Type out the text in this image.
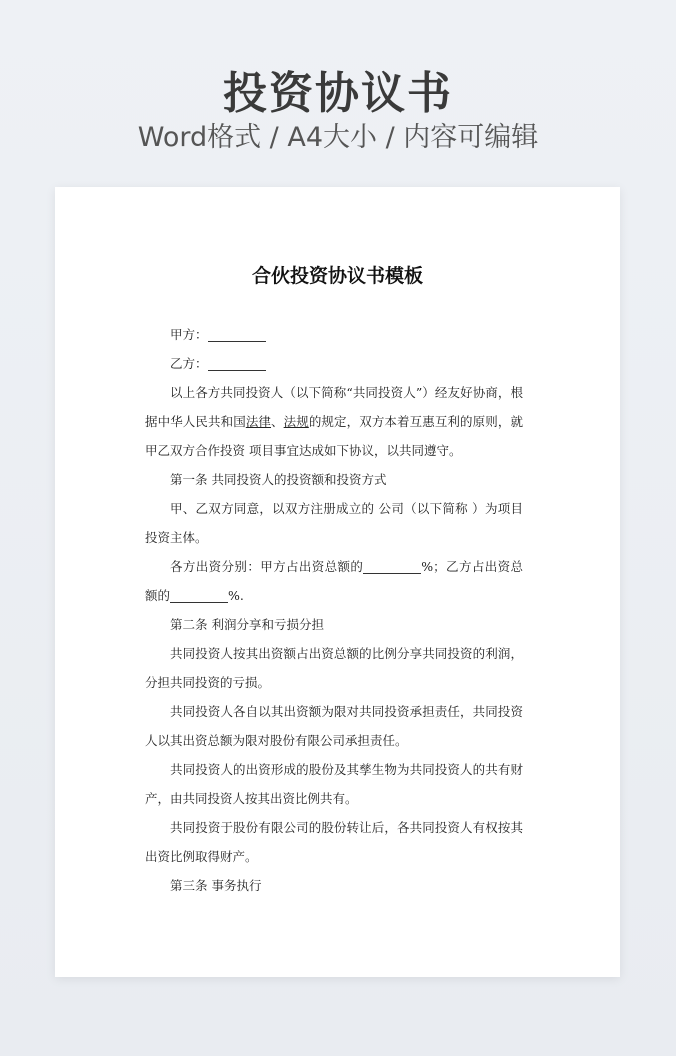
投资协议书
Word格式 / A4大小 / 内容可编辑
合伙投资协议书模板

甲方：

乙方：

以上各方共同投资人（以下简称“共同投资人”）经友好协商，根据中华人民共和国法律、法规的规定，双方本着互惠互利的原则，就甲乙双方合作投资 项目事宜达成如下协议，以共同遵守。

第一条 共同投资人的投资额和投资方式

甲、乙双方同意，以双方注册成立的 公司（以下简称 ）为项目投资主体。

各方出资分别：甲方占出资总额的	%；乙方占出资总额的	%.

第二条 利润分享和亏损分担

共同投资人按其出资额占出资总额的比例分享共同投资的利润，分担共同投资的亏损。

共同投资人各自以其出资额为限对共同投资承担责任，共同投资人以其出资总额为限对股份有限公司承担责任。

共同投资人的出资形成的股份及其孳生物为共同投资人的共有财产，由共同投资人按其出资比例共有。

共同投资于股份有限公司的股份转让后，各共同投资人有权按其出资比例取得财产。

第三条 事务执行
